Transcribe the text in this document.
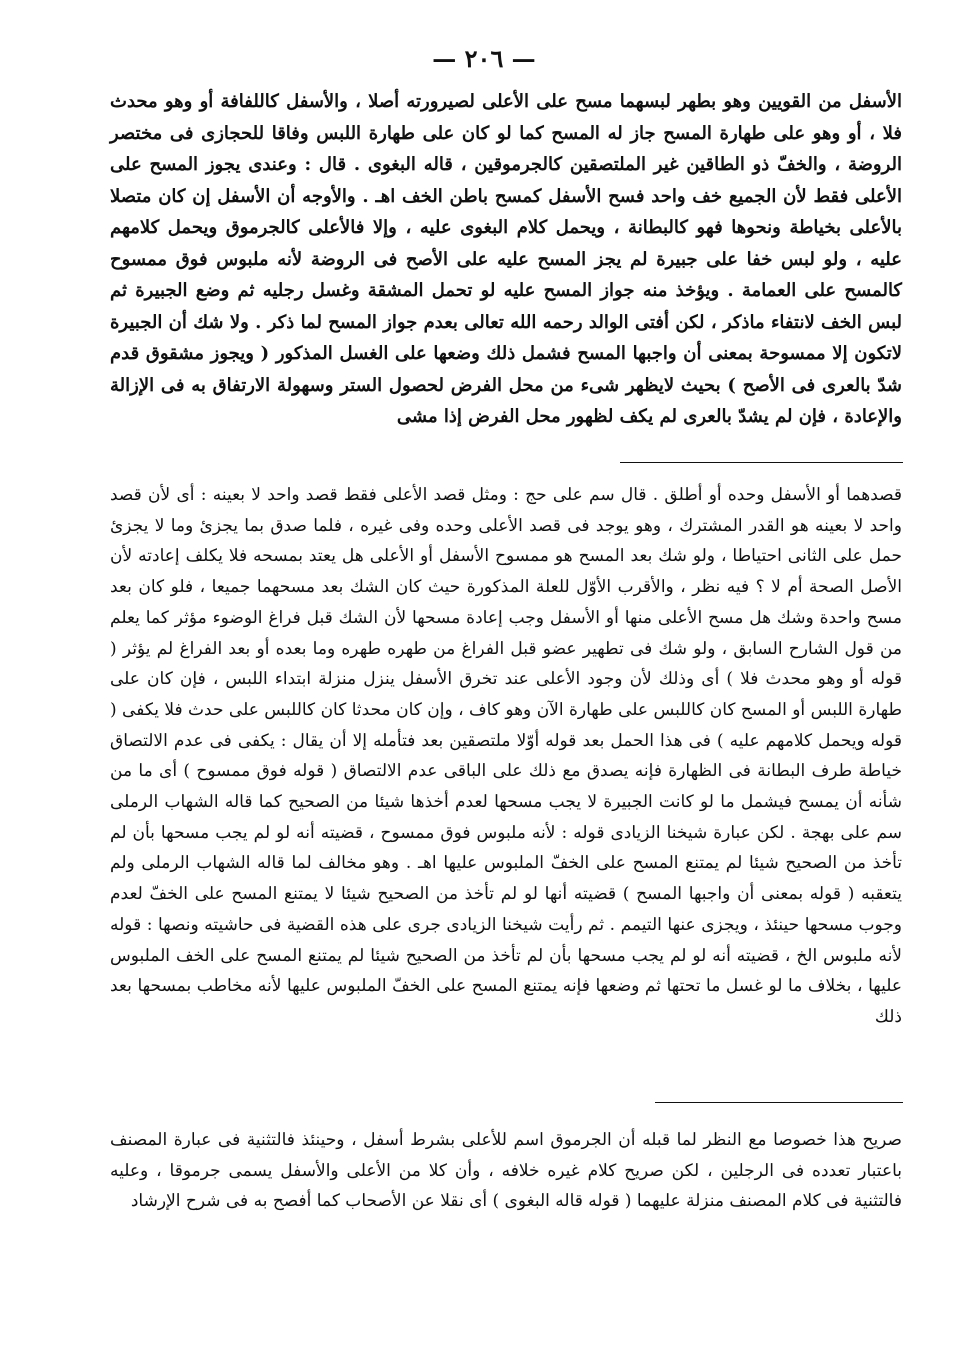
— ٢٠٦ —

الأسفل من القويين وهو بطهر لبسهما مسح على الأعلى لصيرورته أصلا ، والأسفل كاللفافة أو وهو محدث فلا ، أو وهو على طهارة المسح جاز له المسح كما لو كان على طهارة اللبس وفاقا للحجازى فى مختصر الروضة ، والخفّ ذو الطاقين غير الملتصقين كالجرموقين ، قاله البغوى . قال : وعندى يجوز المسح على الأعلى فقط لأن الجميع خف واحد فسح الأسفل كمسح باطن الخف اهـ . والأوجه أن الأسفل إن كان متصلا بالأعلى بخياطة ونحوها فهو كالبطانة ، ويحمل كلام البغوى عليه ، وإلا فالأعلى كالجرموق ويحمل كلامهم عليه ، ولو لبس خفا على جبيرة لم يجز المسح عليه على الأصح فى الروضة لأنه ملبوس فوق ممسوح كالمسح على العمامة . ويؤخذ منه جواز المسح عليه لو تحمل المشقة وغسل رجليه ثم وضع الجبيرة ثم لبس الخف لانتفاء ماذكر ، لكن أفتى الوالد رحمه الله تعالى بعدم جواز المسح لما ذكر . ولا شك أن الجبيرة لاتكون إلا ممسوحة بمعنى أن واجبها المسح فشمل ذلك وضعها على الغسل المذكور ( ويجوز مشقوق قدم شدّ بالعرى فى الأصح ) بحيث لايظهر شىء من محل الفرض لحصول الستر وسهولة الارتفاق به فى الإزالة والإعادة ، فإن لم يشدّ بالعرى لم يكف لظهور محل الفرض إذا مشى

قصدهما أو الأسفل وحده أو أطلق . قال سم على حج : ومثل قصد الأعلى فقط قصد واحد لا بعينه : أى لأن قصد واحد لا بعينه هو القدر المشترك ، وهو يوجد فى قصد الأعلى وحده وفى غيره ، فلما صدق بما يجزئ وما لا يجزئ حمل على الثانى احتياطا ، ولو شك بعد المسح هو ممسوح الأسفل أو الأعلى هل يعتد بمسحه فلا يكلف إعادته لأن الأصل الصحة أم لا ؟ فيه نظر ، والأقرب الأوّل للعلة المذكورة حيث كان الشك بعد مسحهما جميعا ، فلو كان بعد مسح واحدة وشك هل مسح الأعلى منها أو الأسفل وجب إعادة مسحها لأن الشك قبل فراغ الوضوء مؤثر كما يعلم من قول الشارح السابق ، ولو شك فى تطهير عضو قبل الفراغ من طهره طهره وما بعده أو بعد الفراغ لم يؤثر ( قوله أو وهو محدث فلا ) أى وذلك لأن وجود الأعلى عند تخرق الأسفل ينزل منزلة ابتداء اللبس ، فإن كان على طهارة اللبس أو المسح كان كاللبس على طهارة الآن وهو كاف ، وإن كان محدثا كان كاللبس على حدث فلا يكفى ( قوله ويحمل كلامهم عليه ) فى هذا الحمل بعد قوله أوّلا ملتصقين بعد فتأمله إلا أن يقال : يكفى فى عدم الالتصاق خياطة طرف البطانة فى الظهارة فإنه يصدق مع ذلك على الباقى عدم الالتصاق ( قوله فوق ممسوح ) أى ما من شأنه أن يمسح فيشمل ما لو كانت الجبيرة لا يجب مسحها لعدم أخذها شيئا من الصحيح كما قاله الشهاب الرملى سم على بهجة . لكن عبارة شيخنا الزيادى قوله : لأنه ملبوس فوق ممسوح ، قضيته أنه لو لم يجب مسحها بأن لم تأخذ من الصحيح شيئا لم يمتنع المسح على الخفّ الملبوس عليها اهـ . وهو مخالف لما قاله الشهاب الرملى ولم يتعقبه ( قوله بمعنى أن واجبها المسح ) قضيته أنها لو لم تأخذ من الصحيح شيئا لا يمتنع المسح على الخفّ لعدم وجوب مسحها حينئذ ، ويجزى عنها التيمم . ثم رأيت شيخنا الزيادى جرى على هذه القضية فى حاشيته ونصها : قوله لأنه ملبوس الخ ، قضيته أنه لو لم يجب مسحها بأن لم تأخذ من الصحيح شيئا لم يمتنع المسح على الخف الملبوس عليها ، بخلاف ما لو غسل ما تحتها ثم وضعها فإنه يمتنع المسح على الخفّ الملبوس عليها لأنه مخاطب بمسحها بعد ذلك

صريح هذا خصوصا مع النظر لما قبله أن الجرموق اسم للأعلى بشرط أسفل ، وحينئذ فالتثنية فى عبارة المصنف باعتبار تعدده فى الرجلين ، لكن صريح كلام غيره خلافه ، وأن كلا من الأعلى والأسفل يسمى جرموقا ، وعليه فالتثنية فى كلام المصنف منزلة عليهما ( قوله قاله البغوى ) أى نقلا عن الأصحاب كما أفصح به فى شرح الإرشاد
